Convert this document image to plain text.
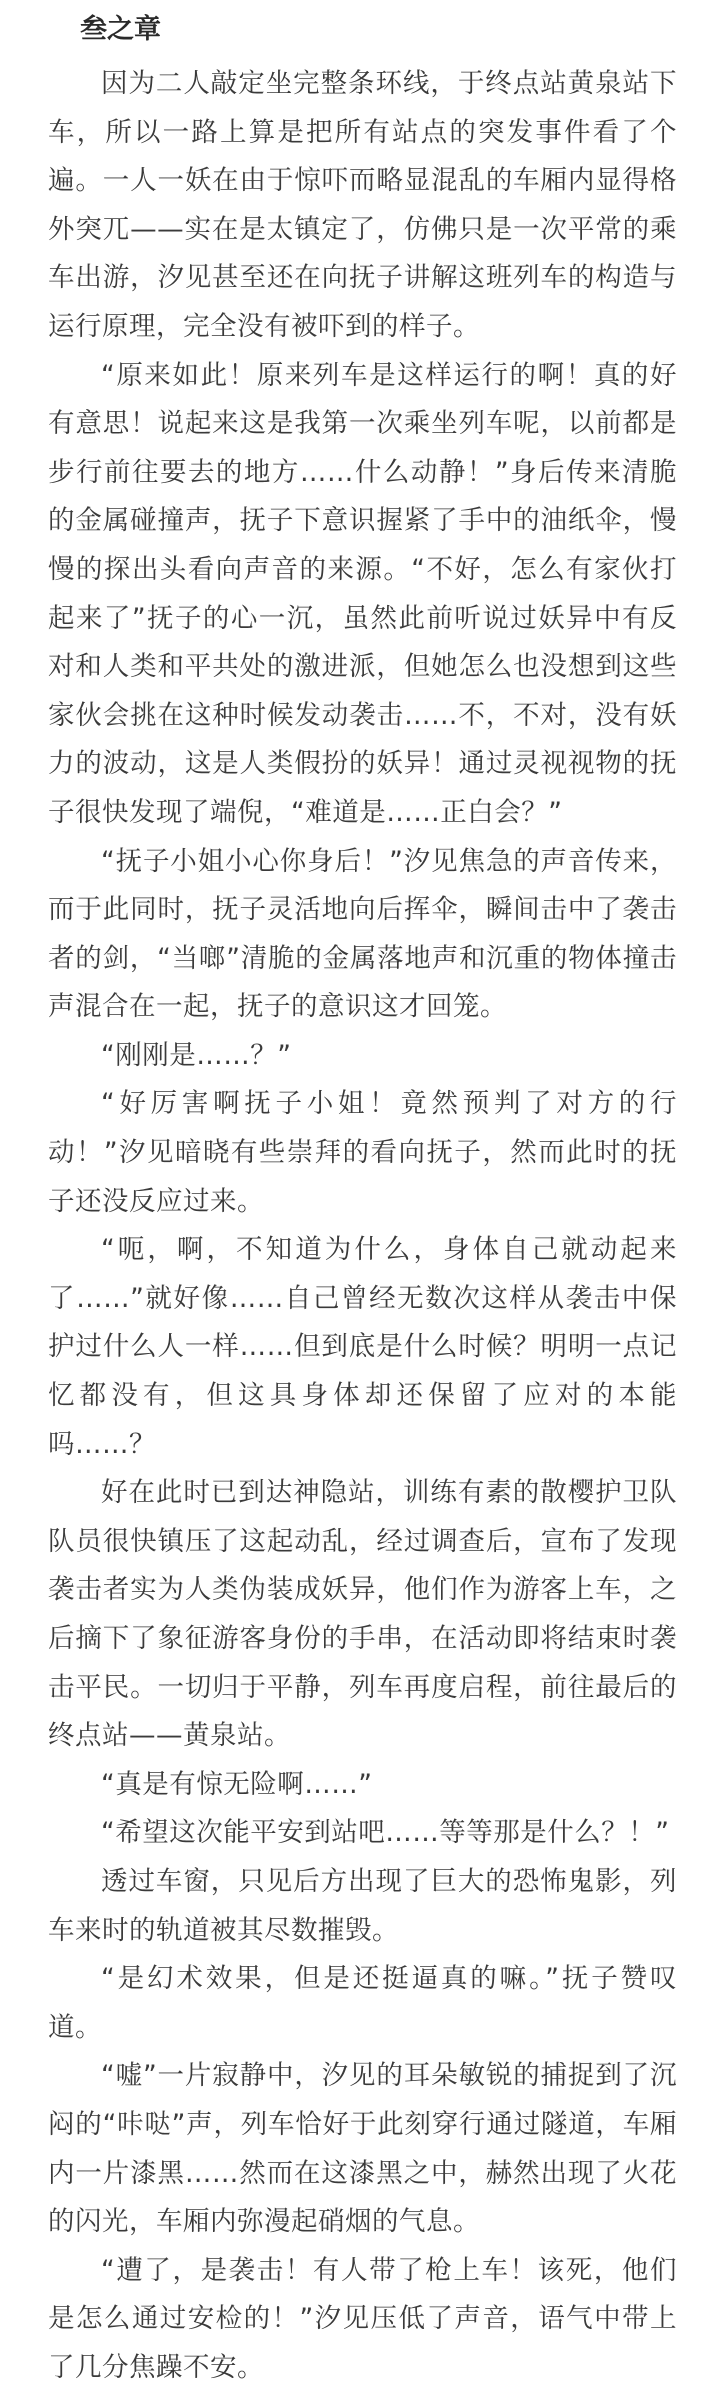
叁之章

因为二人敲定坐完整条环线，于终点站黄泉站下车，所以一路上算是把所有站点的突发事件看了个遍。一人一妖在由于惊吓而略显混乱的车厢内显得格外突兀——实在是太镇定了，仿佛只是一次平常的乘车出游，汐见甚至还在向抚子讲解这班列车的构造与运行原理，完全没有被吓到的样子。

“原来如此！原来列车是这样运行的啊！真的好有意思！说起来这是我第一次乘坐列车呢，以前都是步行前往要去的地方……什么动静！”身后传来清脆的金属碰撞声，抚子下意识握紧了手中的油纸伞，慢慢的探出头看向声音的来源。“不好，怎么有家伙打起来了”抚子的心一沉，虽然此前听说过妖异中有反对和人类和平共处的激进派，但她怎么也没想到这些家伙会挑在这种时候发动袭击……不，不对，没有妖力的波动，这是人类假扮的妖异！通过灵视视物的抚子很快发现了端倪，“难道是……正白会？”

“抚子小姐小心你身后！”汐见焦急的声音传来，而于此同时，抚子灵活地向后挥伞，瞬间击中了袭击者的剑，“当啷”清脆的金属落地声和沉重的物体撞击声混合在一起，抚子的意识这才回笼。

“刚刚是……？”

“好厉害啊抚子小姐！竟然预判了对方的行动！”汐见暗晓有些崇拜的看向抚子，然而此时的抚子还没反应过来。

“呃，啊，不知道为什么，身体自己就动起来了……”就好像……自己曾经无数次这样从袭击中保护过什么人一样……但到底是什么时候？明明一点记忆都没有，但这具身体却还保留了应对的本能吗……？

好在此时已到达神隐站，训练有素的散樱护卫队队员很快镇压了这起动乱，经过调查后，宣布了发现袭击者实为人类伪装成妖异，他们作为游客上车，之后摘下了象征游客身份的手串，在活动即将结束时袭击平民。一切归于平静，列车再度启程，前往最后的终点站——黄泉站。

“真是有惊无险啊……”

“希望这次能平安到站吧……等等那是什么？！”

透过车窗，只见后方出现了巨大的恐怖鬼影，列车来时的轨道被其尽数摧毁。

“是幻术效果，但是还挺逼真的嘛。”抚子赞叹道。

“嘘”一片寂静中，汐见的耳朵敏锐的捕捉到了沉闷的“咔哒”声，列车恰好于此刻穿行通过隧道，车厢内一片漆黑……然而在这漆黑之中，赫然出现了火花的闪光，车厢内弥漫起硝烟的气息。

“遭了，是袭击！有人带了枪上车！该死，他们是怎么通过安检的！”汐见压低了声音，语气中带上了几分焦躁不安。
